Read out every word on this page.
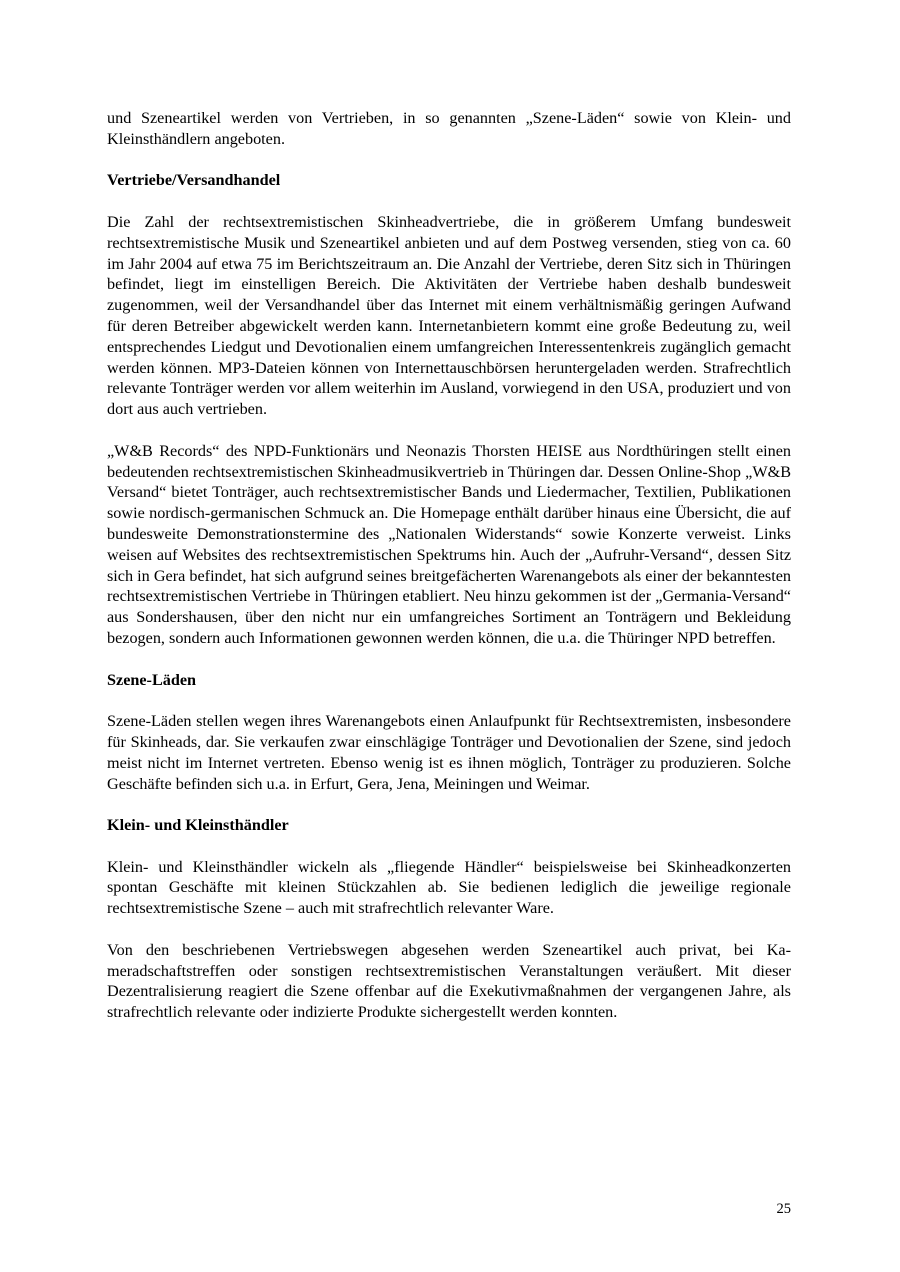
und Szeneartikel werden von Vertrieben, in so genannten „Szene-Läden“ sowie von Klein- und Kleinsthändlern angeboten.

Vertriebe/Versandhandel

Die Zahl der rechtsextremistischen Skinheadvertriebe, die in größerem Umfang bundesweit rechtsextremistische Musik und Szeneartikel anbieten und auf dem Postweg versenden, stieg von ca. 60 im Jahr 2004 auf etwa 75 im Berichtszeitraum an. Die Anzahl der Vertriebe, deren Sitz sich in Thüringen befindet, liegt im einstelligen Bereich. Die Aktivitäten der Vertriebe haben deshalb bundesweit zugenommen, weil der Versandhandel über das Internet mit einem verhältnismäßig geringen Aufwand für deren Betreiber abgewickelt werden kann. Internetanbietern kommt eine große Bedeutung zu, weil entsprechendes Liedgut und Devotionalien einem umfangreichen Interessentenkreis zugänglich gemacht werden können. MP3-Dateien können von Internettauschbörsen heruntergeladen werden. Strafrechtlich relevante Tonträger werden vor allem weiterhin im Ausland, vorwiegend in den USA, produziert und von dort aus auch vertrieben.

„W&B Records“ des NPD-Funktionärs und Neonazis Thorsten HEISE aus Nordthüringen stellt einen bedeutenden rechtsextremistischen Skinheadmusikvertrieb in Thüringen dar. Dessen Online-Shop „W&B Versand“ bietet Tonträger, auch rechtsextremistischer Bands und Liedermacher, Textilien, Publikationen sowie nordisch-germanischen Schmuck an. Die Homepage enthält darüber hinaus eine Übersicht, die auf bundesweite Demonstrationstermine des „Nationalen Widerstands“ sowie Konzerte verweist. Links weisen auf Websites des rechtsextremistischen Spektrums hin. Auch der „Aufruhr-Versand“, dessen Sitz sich in Gera befindet, hat sich aufgrund seines breitgefächerten Warenangebots als einer der bekanntesten rechtsextremistischen Vertriebe in Thüringen etabliert. Neu hinzu gekommen ist der „Germania-Versand“ aus Sondershausen, über den nicht nur ein umfangreiches Sortiment an Tonträgern und Bekleidung bezogen, sondern auch Informationen gewonnen werden können, die u.a. die Thüringer NPD betreffen.

Szene-Läden

Szene-Läden stellen wegen ihres Warenangebots einen Anlaufpunkt für Rechtsextremisten, insbesondere für Skinheads, dar. Sie verkaufen zwar einschlägige Tonträger und Devotionalien der Szene, sind jedoch meist nicht im Internet vertreten. Ebenso wenig ist es ihnen möglich, Tonträger zu produzieren. Solche Geschäfte befinden sich u.a. in Erfurt, Gera, Jena, Meiningen und Weimar.

Klein- und Kleinsthändler

Klein- und Kleinsthändler wickeln als „fliegende Händler“ beispielsweise bei Skinheadkonzerten spontan Geschäfte mit kleinen Stückzahlen ab. Sie bedienen lediglich die jeweilige regionale rechtsextremistische Szene – auch mit strafrechtlich relevanter Ware.

Von den beschriebenen Vertriebswegen abgesehen werden Szeneartikel auch privat, bei Kameradschaftstreffen oder sonstigen rechtsextremistischen Veranstaltungen veräußert. Mit dieser Dezentralisierung reagiert die Szene offenbar auf die Exekutivmaßnahmen der vergangenen Jahre, als strafrechtlich relevante oder indizierte Produkte sichergestellt werden konnten.

25
